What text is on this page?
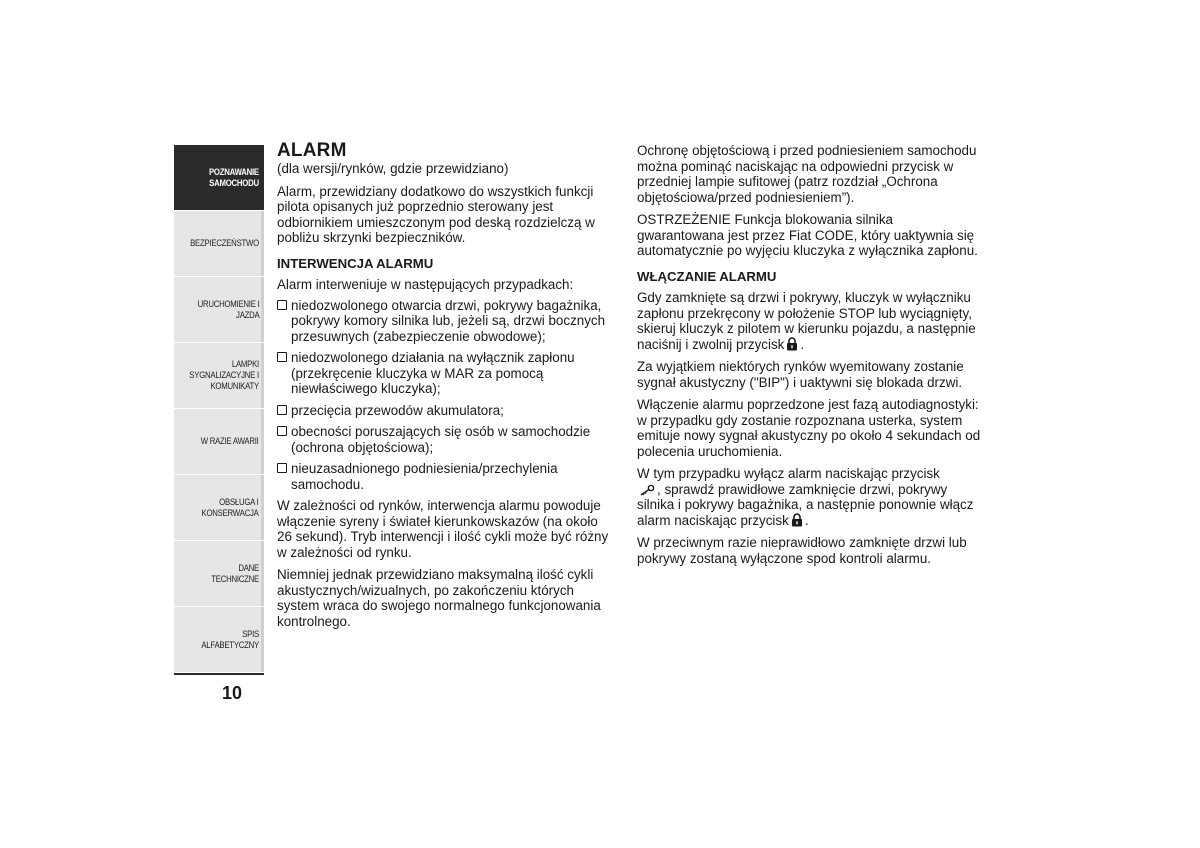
POZNAWANIE
SAMOCHODU
BEZPIECZEŃSTWO
URUCHOMIENIE I
JAZDA
LAMPKI
SYGNALIZACYJNE I
KOMUNIKATY
W RAZIE AWARII
OBSŁUGA I
KONSERWACJA
DANE TECHNICZNE
SPIS ALFABETYCZNY
10
ALARM

(dla wersji/rynków, gdzie przewidziano)

Alarm, przewidziany dodatkowo do wszystkich funkcji pilota opisanych już poprzednio sterowany jest odbiornikiem umieszczonym pod deską rozdzielczą w pobliżu skrzynki bezpieczników.

INTERWENCJA ALARMU

Alarm interweniuje w następujących przypadkach:

niedozwolonego otwarcia drzwi, pokrywy bagażnika, pokrywy komory silnika lub, jeżeli są, drzwi bocznych przesuwnych (zabezpieczenie obwodowe);
niedozwolonego działania na wyłącznik zapłonu (przekręcenie kluczyka w MAR za pomocą niewłaściwego kluczyka);
przecięcia przewodów akumulatora;
obecności poruszających się osób w samochodzie (ochrona objętościowa);
nieuzasadnionego podniesienia/przechylenia samochodu.

W zależności od rynków, interwencja alarmu powoduje włączenie syreny i świateł kierunkowskazów (na około 26 sekund). Tryb interwencji i ilość cykli może być różny w zależności od rynku.

Niemniej jednak przewidziano maksymalną ilość cykli akustycznych/wizualnych, po zakończeniu których system wraca do swojego normalnego funkcjonowania kontrolnego.

Ochronę objętościową i przed podniesieniem samochodu można pominąć naciskając na odpowiedni przycisk w przedniej lampie sufitowej (patrz rozdział „Ochrona objętościowa/przed podniesieniem”).

OSTRZEŻENIE Funkcja blokowania silnika gwarantowana jest przez Fiat CODE, który uaktywnia się automatycznie po wyjęciu kluczyka z wyłącznika zapłonu.

WŁĄCZANIE ALARMU

Gdy zamknięte są drzwi i pokrywy, kluczyk w wyłączniku zapłonu przekręcony w położenie STOP lub wyciągnięty, skieruj kluczyk z pilotem w kierunku pojazdu, a następnie naciśnij i zwolnij przycisk .

Za wyjątkiem niektórych rynków wyemitowany zostanie sygnał akustyczny ("BIP") i uaktywni się blokada drzwi.

Włączenie alarmu poprzedzone jest fazą autodiagnostyki: w przypadku gdy zostanie rozpoznana usterka, system emituje nowy sygnał akustyczny po około 4 sekundach od polecenia uruchomienia.

W tym przypadku wyłącz alarm naciskając przycisk
, sprawdź prawidłowe zamknięcie drzwi, pokrywy silnika i pokrywy bagażnika, a następnie ponownie włącz alarm naciskając przycisk .

W przeciwnym razie nieprawidłowo zamknięte drzwi lub pokrywy zostaną wyłączone spod kontroli alarmu.
